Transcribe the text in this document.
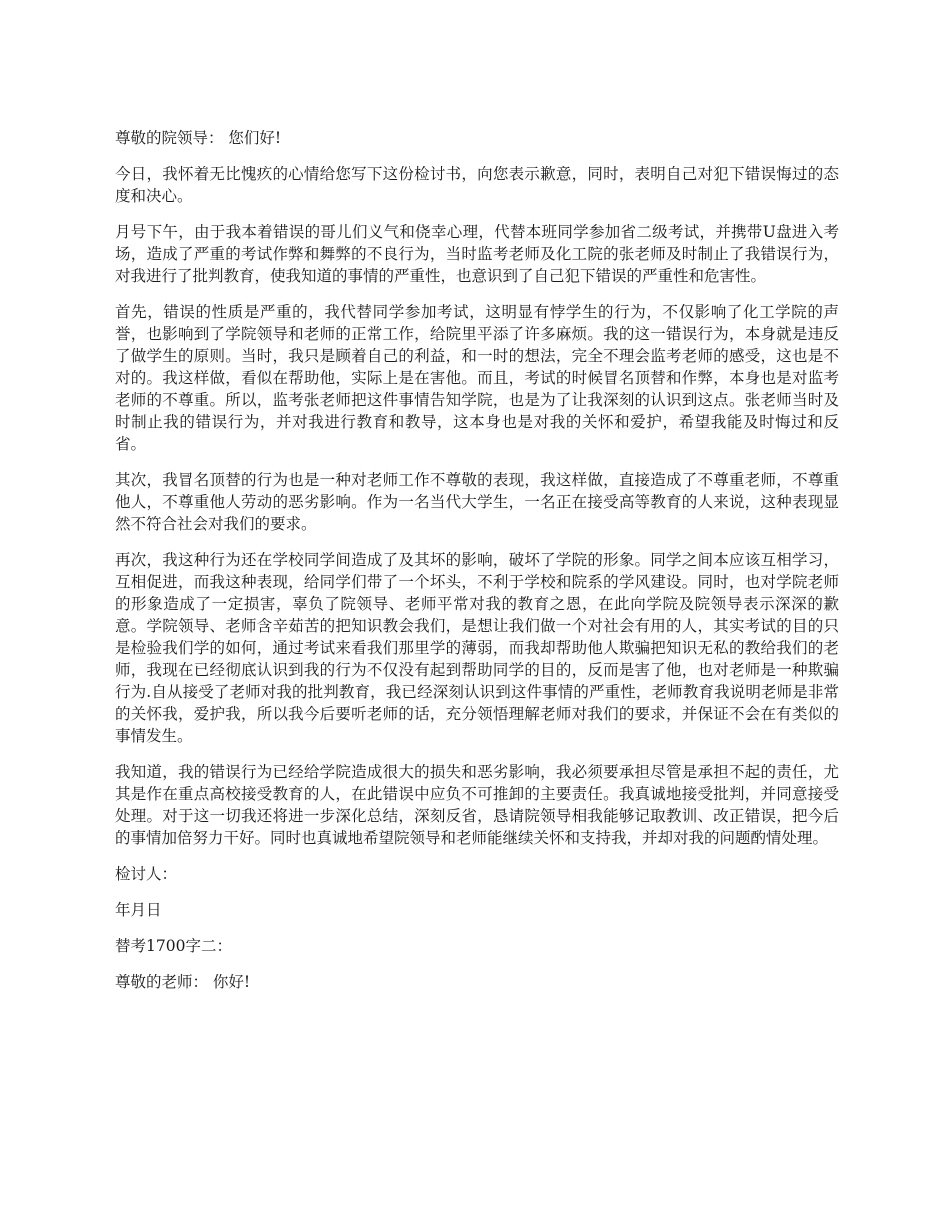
尊敬的院领导： 您们好!

今日，我怀着无比愧疚的心情给您写下这份检讨书，向您表示歉意，同时，表明自己对犯下错误悔过的态度和决心。

月号下午，由于我本着错误的哥儿们义气和侥幸心理，代替本班同学参加省二级考试，并携带U盘进入考场，造成了严重的考试作弊和舞弊的不良行为，当时监考老师及化工院的张老师及时制止了我错误行为，对我进行了批判教育，使我知道的事情的严重性，也意识到了自己犯下错误的严重性和危害性。

首先，错误的性质是严重的，我代替同学参加考试，这明显有悖学生的行为，不仅影响了化工学院的声誉，也影响到了学院领导和老师的正常工作，给院里平添了许多麻烦。我的这一错误行为，本身就是违反了做学生的原则。当时，我只是顾着自己的利益，和一时的想法，完全不理会监考老师的感受，这也是不对的。我这样做，看似在帮助他，实际上是在害他。而且，考试的时候冒名顶替和作弊，本身也是对监考老师的不尊重。所以，监考张老师把这件事情告知学院，也是为了让我深刻的认识到这点。张老师当时及时制止我的错误行为，并对我进行教育和教导，这本身也是对我的关怀和爱护，希望我能及时悔过和反省。

其次，我冒名顶替的行为也是一种对老师工作不尊敬的表现，我这样做，直接造成了不尊重老师，不尊重他人，不尊重他人劳动的恶劣影响。作为一名当代大学生，一名正在接受高等教育的人来说，这种表现显然不符合社会对我们的要求。

再次，我这种行为还在学校同学间造成了及其坏的影响，破坏了学院的形象。同学之间本应该互相学习，互相促进，而我这种表现，给同学们带了一个坏头，不利于学校和院系的学风建设。同时，也对学院老师的形象造成了一定损害，辜负了院领导、老师平常对我的教育之恩，在此向学院及院领导表示深深的歉意。学院领导、老师含辛茹苦的把知识教会我们，是想让我们做一个对社会有用的人，其实考试的目的只是检验我们学的如何，通过考试来看我们那里学的薄弱，而我却帮助他人欺骗把知识无私的教给我们的老师，我现在已经彻底认识到我的行为不仅没有起到帮助同学的目的，反而是害了他，也对老师是一种欺骗行为.自从接受了老师对我的批判教育，我已经深刻认识到这件事情的严重性，老师教育我说明老师是非常的关怀我，爱护我，所以我今后要听老师的话，充分领悟理解老师对我们的要求，并保证不会在有类似的事情发生。

我知道，我的错误行为已经给学院造成很大的损失和恶劣影响，我必须要承担尽管是承担不起的责任，尤其是作在重点高校接受教育的人，在此错误中应负不可推卸的主要责任。我真诚地接受批判，并同意接受处理。对于这一切我还将进一步深化总结，深刻反省，恳请院领导相我能够记取教训、改正错误，把今后的事情加倍努力干好。同时也真诚地希望院领导和老师能继续关怀和支持我，并却对我的问题酌情处理。

检讨人：

年月日

替考1700字二：

尊敬的老师： 你好!
